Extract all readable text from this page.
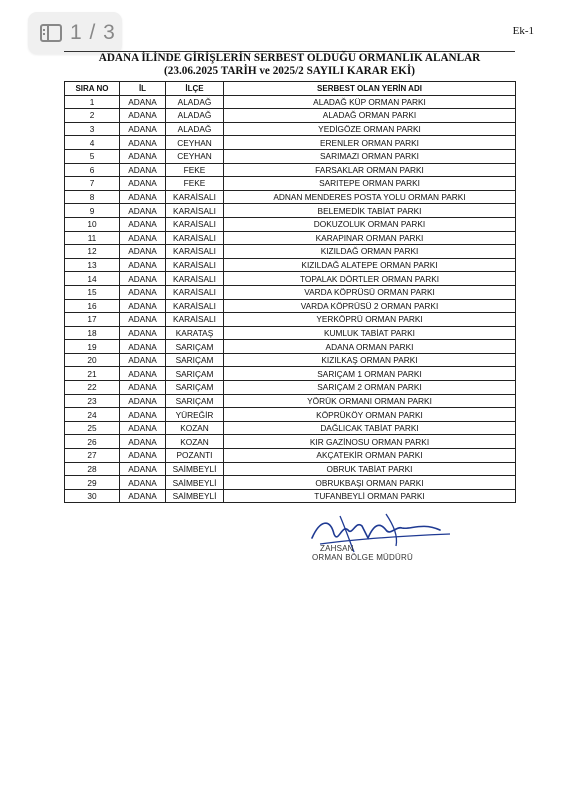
1 / 3	Ek-1
ADANA İLİNDE GİRİŞLERİN SERBEST OLDUĞU ORMANLIK ALANLAR
(23.06.2025 TARİH ve 2025/2 SAYILI KARAR EKİ)
SIRA NO	İL	İLÇE	SERBEST OLAN YERİN ADI
1	ADANA	ALADAĞ	ALADAĞ KÜP ORMAN PARKI
2	ADANA	ALADAĞ	ALADAĞ ORMAN PARKI
3	ADANA	ALADAĞ	YEDİGÖZE ORMAN PARKI
4	ADANA	CEYHAN	ERENLER ORMAN PARKI
5	ADANA	CEYHAN	SARIMAZI ORMAN PARKI
6	ADANA	FEKE	FARSAKLAR ORMAN PARKI
7	ADANA	FEKE	SARITEPE ORMAN PARKI
8	ADANA	KARAİSALI	ADNAN MENDERES POSTA YOLU ORMAN PARKI
9	ADANA	KARAİSALI	BELEMEDİK TABİAT PARKI
10	ADANA	KARAİSALI	DOKUZOLUK ORMAN PARKI
11	ADANA	KARAİSALI	KARAPINAR ORMAN PARKI
12	ADANA	KARAİSALI	KIZILDAĞ ORMAN PARKI
13	ADANA	KARAİSALI	KIZILDAĞ ALATEPE ORMAN PARKI
14	ADANA	KARAİSALI	TOPALAK DÖRTLER ORMAN PARKI
15	ADANA	KARAİSALI	VARDA KÖPRÜSÜ ORMAN PARKI
16	ADANA	KARAİSALI	VARDA KÖPRÜSÜ 2 ORMAN PARKI
17	ADANA	KARAİSALI	YERKÖPRÜ ORMAN PARKI
18	ADANA	KARATAŞ	KUMLUK TABİAT PARKI
19	ADANA	SARIÇAM	ADANA ORMAN PARKI
20	ADANA	SARIÇAM	KIZILKAŞ ORMAN PARKI
21	ADANA	SARIÇAM	SARIÇAM 1 ORMAN PARKI
22	ADANA	SARIÇAM	SARIÇAM 2 ORMAN PARKI
23	ADANA	SARIÇAM	YÖRÜK ORMANI ORMAN PARKI
24	ADANA	YÜREĞİR	KÖPRÜKÖY ORMAN PARKI
25	ADANA	KOZAN	DAĞLICAK TABİAT PARKI
26	ADANA	KOZAN	KIR GAZİNOSU ORMAN PARKI
27	ADANA	POZANTI	AKÇATEKİR ORMAN PARKI
28	ADANA	SAİMBEYLİ	OBRUK TABİAT PARKI
29	ADANA	SAİMBEYLİ	OBRUKBAŞI ORMAN PARKI
30	ADANA	SAİMBEYLİ	TUFANBEYLİ ORMAN PARKI
ZAHSAN
ORMAN BÖLGE MÜDÜRÜ
